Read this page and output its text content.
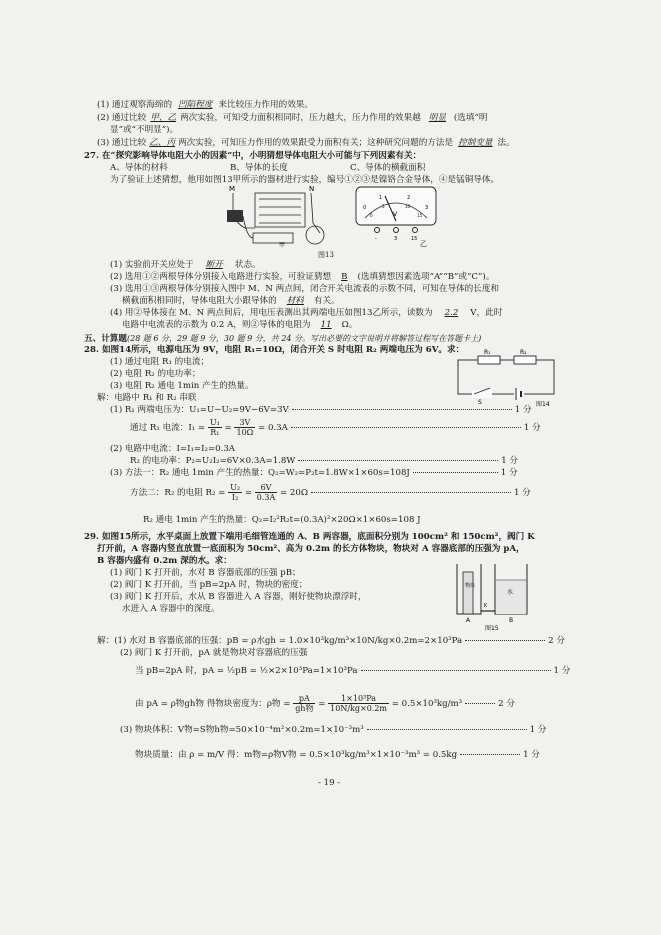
(1) 通过观察海绵的 凹陷程度 来比较压力作用的效果。
(2) 通过比较 甲、乙 两次实验，可知受力面积相同时，压力越大，压力作用的效果越 明显 (选填“明
显”或“不明显”)。
(3) 通过比较 乙、丙 两次实验，可知压力作用的效果跟受力面积有关；这种研究问题的方法是 控制变量 法。
27. 在“探究影响导体电阻大小的因素”中，小明猜想导体电阻大小可能与下列因素有关：
A、导体的材料	B、导体的长度	C、导体的横截面积
为了验证上述猜想，他用如图13甲所示的器材进行实验，编号①②③是镍铬合金导体，④是锰铜导体。
M	N
甲
0
1	2
3
0
5	10
15
V
-	3	15
乙
图13
(1) 实验前开关应处于 断开 状态。
(2) 选用①②两根导体分别接入电路进行实验，可验证猜想 B (选填猜想因素选项“A”“B”或“C”)。
(3) 选用①③两根导体分别接入图中 M、N 两点间，闭合开关电流表的示数不同，可知在导体的长度和
横截面积相同时，导体电阻大小跟导体的 材料 有关。
(4) 用②导体接在 M、N 两点间后，用电压表测出其两端电压如图13乙所示，读数为 2.2 V，此时
电路中电流表的示数为 0.2 A，则②导体的电阻为 11 Ω。
五、计算题(28 题 6 分，29 题 9 分，30 题 9 分，共 24 分。写出必要的文字说明并将解答过程写在答题卡上)
28. 如图14所示，电源电压为 9V，电阻 R₁=10Ω，闭合开关 S 时电阻 R₂ 两端电压为 6V。求：
(1) 通过电阻 R₁ 的电流；
(2) 电阻 R₂ 的电功率；
(3) 电阻 R₂ 通电 1min 产生的热量。
R₁	R₂
S	图14
解：电路中 R₁ 和 R₂ 串联
(1) R₁ 两端电压为：U₁=U−U₂=9V−6V=3V	1 分
通过 R₁ 电流：$I_1 = \frac{\text{U₁}}{\text{R₁}} = \frac{3V}{10\Omega} = 0.3A$	1 分
(2) 电路中电流：I=I₁=I₂=0.3A
R₂ 的电功率：P₂=U₂I₂=6V×0.3A=1.8W	1 分
(3) 方法一：R₂ 通电 1min 产生的热量：Q₂=W₂=P₂t=1.8W×1×60s=108J	1 分
方法二：R₂ 的电阻 $R_2 = \frac{\text{U₂}}{\text{I₂}} = \frac{6V}{0.3A} = 20\Omega$	1 分
R₂ 通电 1min 产生的热量：Q₂=I₂²R₂t=(0.3A)²×20Ω×1×60s=108 J
29. 如图15所示，水平桌面上放置下端用毛细管连通的 A、B 两容器，底面积分别为 100cm² 和 150cm²，阀门 K
打开前，A 容器内竖直放置一底面积为 50cm²、高为 0.2m 的长方体物块，物块对 A 容器底部的压强为 pA，
B 容器内盛有 0.2m 深的水。求：
(1) 阀门 K 打开前，水对 B 容器底部的压强 pB；
(2) 阀门 K 打开前，当 pB=2pA 时，物块的密度；
(3) 阀门 K 打开后，水从 B 容器进入 A 容器，刚好使物块漂浮时，
水进入 A 容器中的深度。
物块
水
K
A	B
图15
解：(1) 水对 B 容器底部的压强：pB = ρ水gh = 1.0×10³kg/m³×10N/kg×0.2m=2×10³Pa	2 分
(2) 阀门 K 打开前，pA 就是物块对容器底的压强
当 pB=2pA 时，pA = ½pB = ½×2×10³Pa=1×10³Pa	1 分
由 pA = ρ物gh物 得物块密度为：ρ物 = $\frac{pA}{\text{gh物}} = \frac{\text{1×10³Pa}}{10N/kg\times 0.2m} = 0.5\times 10^3kg/m^3$	2 分
(3) 物块体积：V物=S物h物=50×10⁻⁴m²×0.2m=1×10⁻³m³	1 分
物块质量：由 ρ = m/V 得：m物=ρ物V物 = 0.5×10³kg/m³×1×10⁻³m³ = 0.5kg	1 分
- 19 -
